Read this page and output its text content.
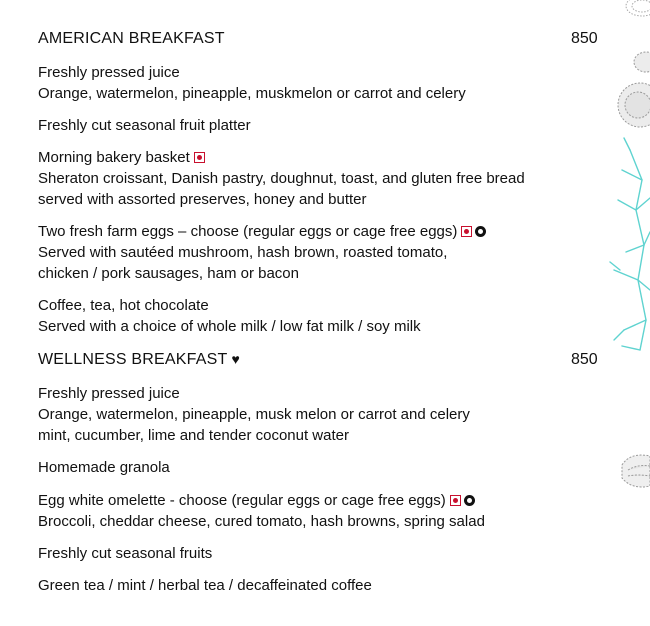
AMERICAN BREAKFAST	850
Freshly pressed juice
Orange, watermelon, pineapple, muskmelon or carrot and celery
Freshly cut seasonal fruit platter
Morning bakery basket
Sheraton croissant, Danish pastry, doughnut, toast, and gluten free bread
served with assorted preserves, honey and butter
Two fresh farm eggs – choose (regular eggs or cage free eggs)
Served with sautéed mushroom, hash brown, roasted tomato,
chicken / pork sausages, ham or bacon
Coffee, tea, hot chocolate
Served with a choice of whole milk / low fat milk / soy milk
WELLNESS BREAKFAST ♥	850
Freshly pressed juice
Orange, watermelon, pineapple, musk melon or carrot and celery
mint, cucumber, lime and tender coconut water
Homemade granola
Egg white omelette - choose (regular eggs or cage free eggs)
Broccoli, cheddar cheese, cured tomato, hash browns, spring salad
Freshly cut seasonal fruits
Green tea / mint / herbal tea / decaffeinated coffee
